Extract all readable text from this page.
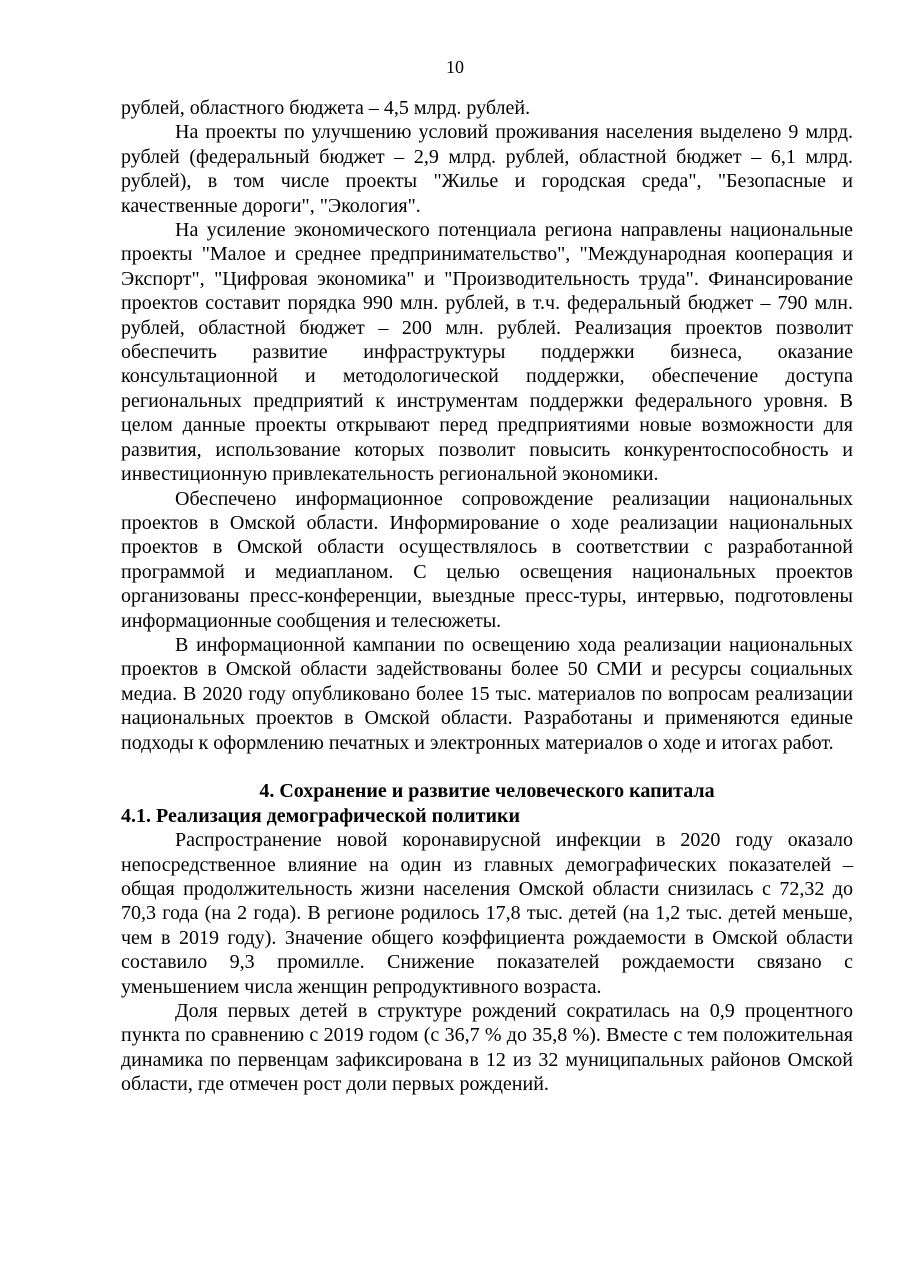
10

рублей, областного бюджета – 4,5 млрд. рублей.

На проекты по улучшению условий проживания населения выделено 9 млрд. рублей (федеральный бюджет – 2,9 млрд. рублей, областной бюджет – 6,1 млрд. рублей), в том числе проекты "Жилье и городская среда", "Безопасные и качественные дороги", "Экология".

На усиление экономического потенциала региона направлены национальные проекты "Малое и среднее предпринимательство", "Международная кооперация и Экспорт", "Цифровая экономика" и "Производительность труда". Финансирование проектов составит порядка 990 млн. рублей, в т.ч. федеральный бюджет – 790 млн. рублей, областной бюджет – 200 млн. рублей. Реализация проектов позволит обеспечить развитие инфраструктуры поддержки бизнеса, оказание консультационной и методологической поддержки, обеспечение доступа региональных предприятий к инструментам поддержки федерального уровня. В целом данные проекты открывают перед предприятиями новые возможности для развития, использование которых позволит повысить конкурентоспособность и инвестиционную привлекательность региональной экономики.

Обеспечено информационное сопровождение реализации национальных проектов в Омской области. Информирование о ходе реализации национальных проектов в Омской области осуществлялось в соответствии с разработанной программой и медиапланом. С целью освещения национальных проектов организованы пресс-конференции, выездные пресс-туры, интервью, подготовлены информационные сообщения и телесюжеты.

В информационной кампании по освещению хода реализации национальных проектов в Омской области задействованы более 50 СМИ и ресурсы социальных медиа. В 2020 году опубликовано более 15 тыс. материалов по вопросам реализации национальных проектов в Омской области. Разработаны и применяются единые подходы к оформлению печатных и электронных материалов о ходе и итогах работ.

4. Сохранение и развитие человеческого капитала
4.1. Реализация демографической политики

Распространение новой коронавирусной инфекции в 2020 году оказало непосредственное влияние на один из главных демографических показателей – общая продолжительность жизни населения Омской области снизилась с 72,32 до 70,3 года (на 2 года). В регионе родилось 17,8 тыс. детей (на 1,2 тыс. детей меньше, чем в 2019 году). Значение общего коэффициента рождаемости в Омской области составило 9,3 промилле. Снижение показателей рождаемости связано с уменьшением числа женщин репродуктивного возраста.

Доля первых детей в структуре рождений сократилась на 0,9 процентного пункта по сравнению с 2019 годом (с 36,7 % до 35,8 %). Вместе с тем положительная динамика по первенцам зафиксирована в 12 из 32 муниципальных районов Омской области, где отмечен рост доли первых рождений.
